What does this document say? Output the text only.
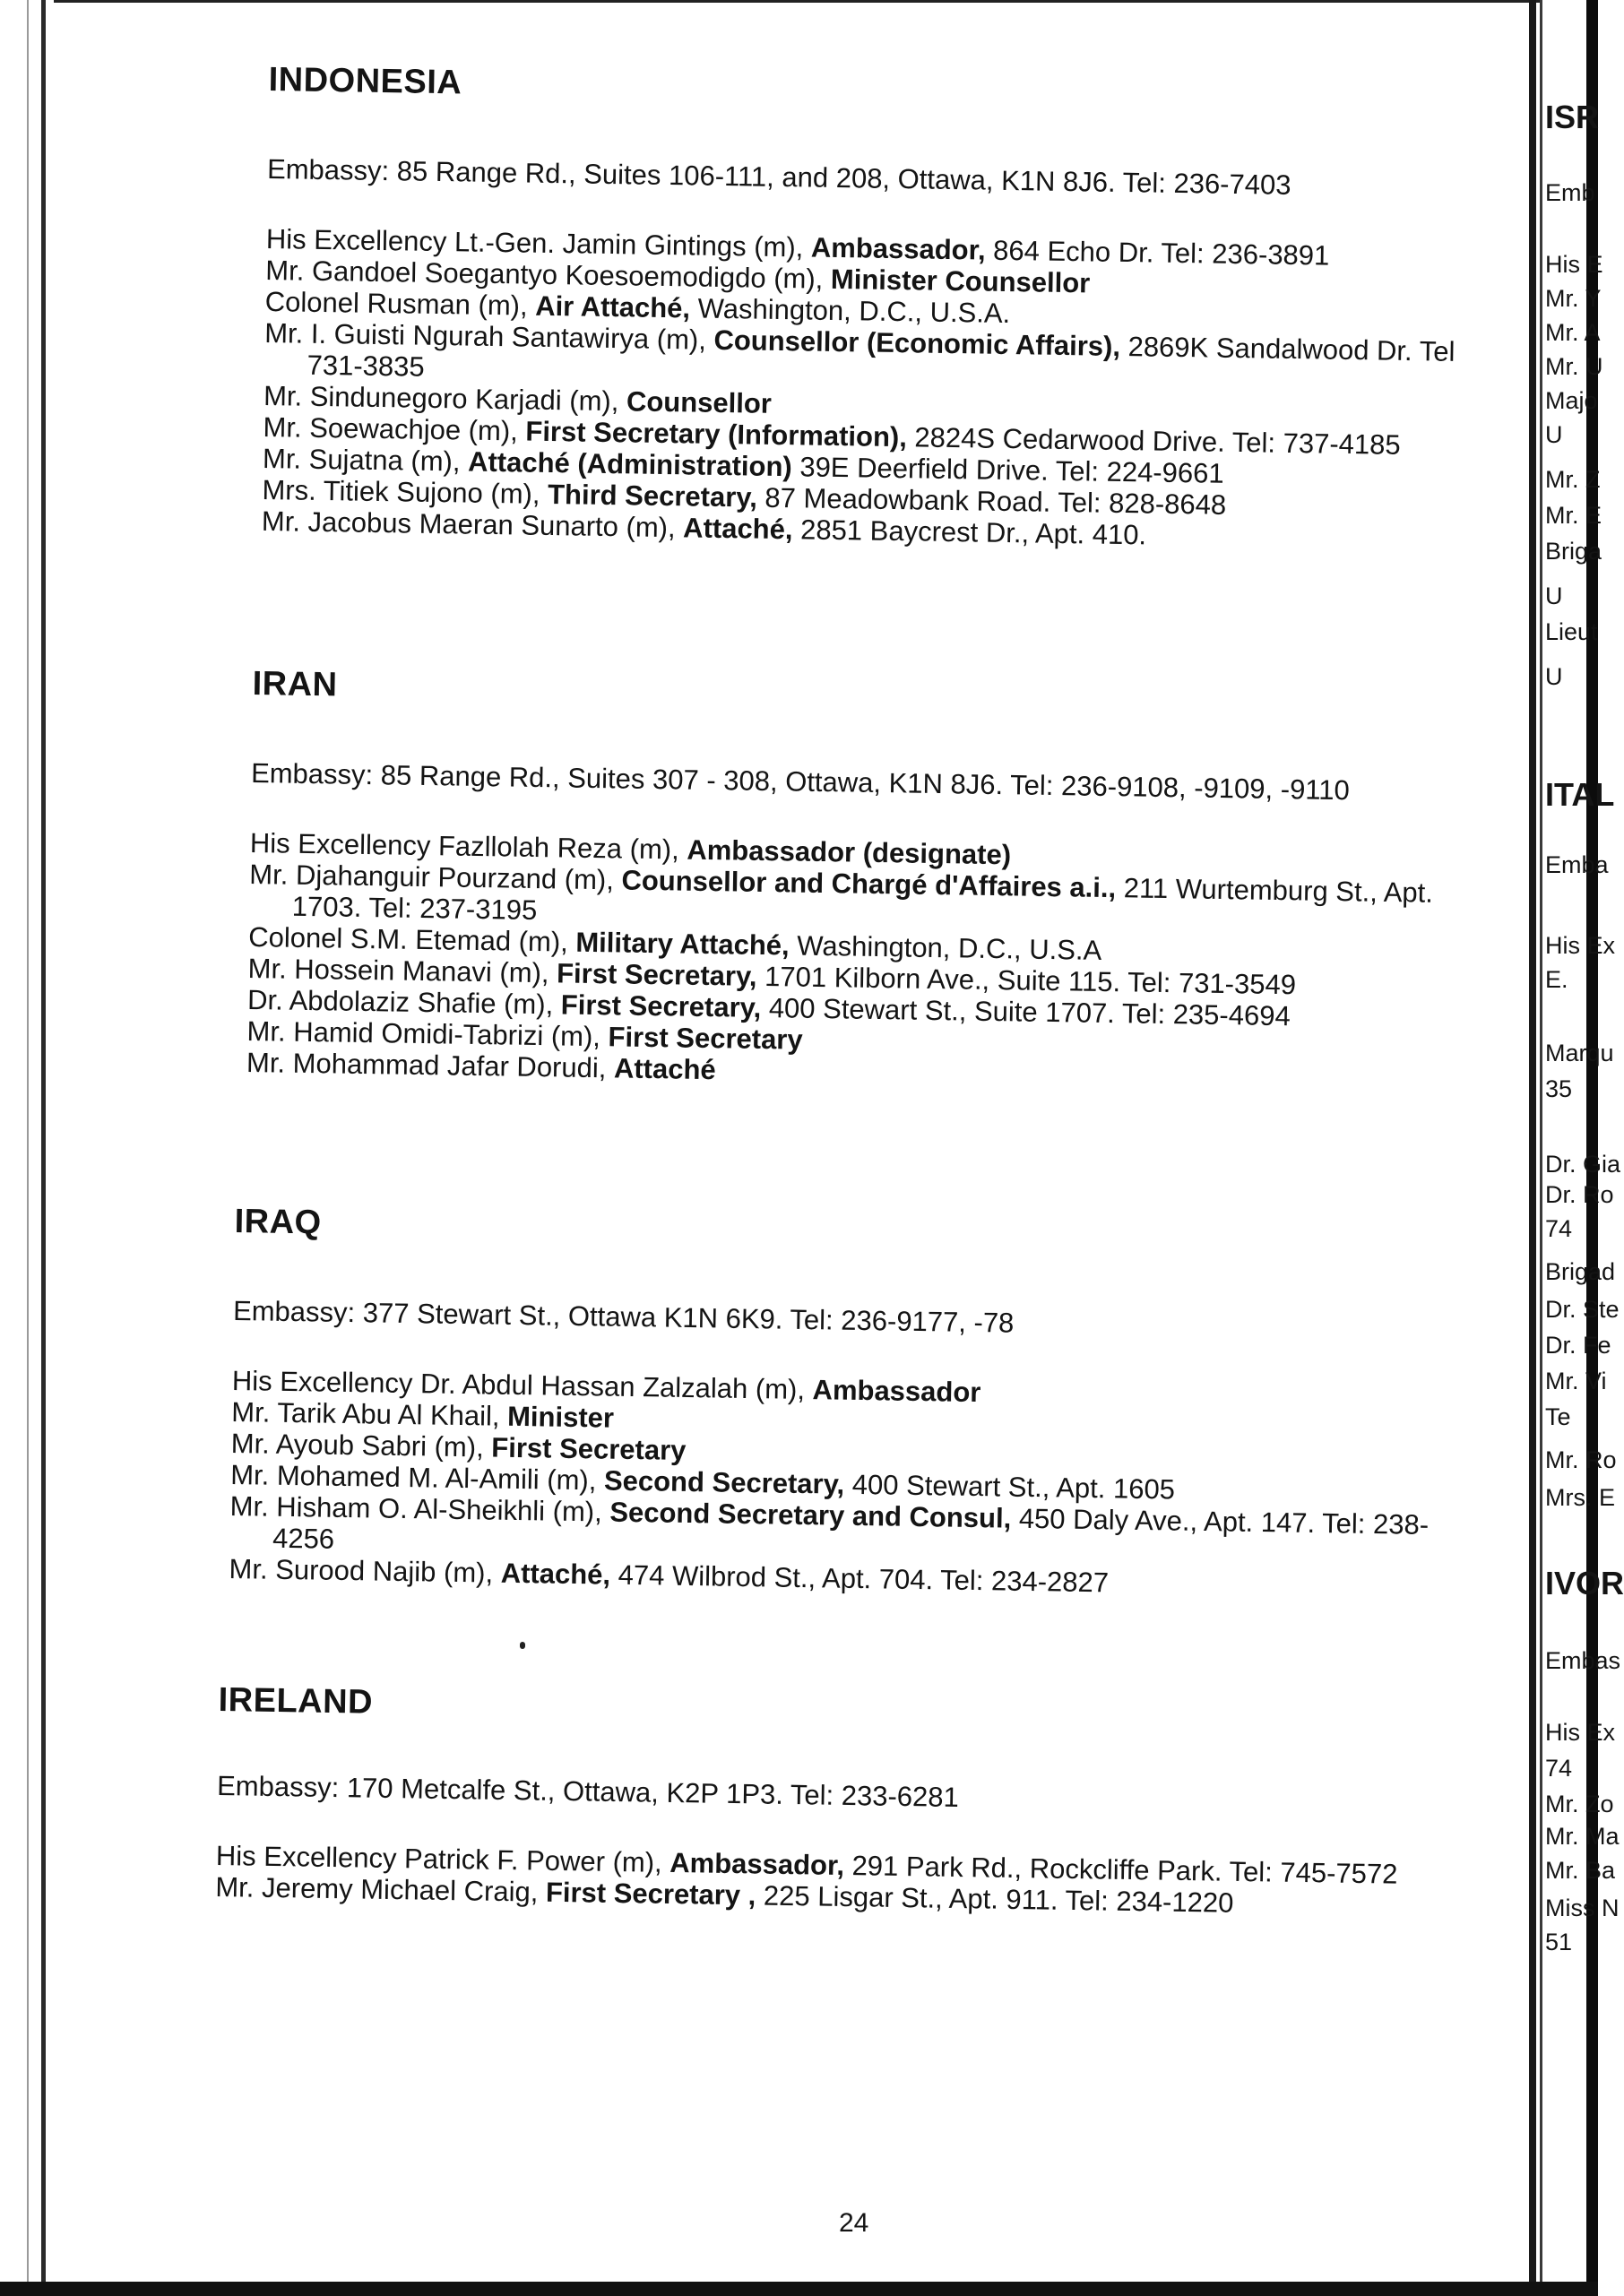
INDONESIA

Embassy: 85 Range Rd., Suites 106-111, and 208, Ottawa, K1N 8J6. Tel: 236-7403

His Excellency Lt.-Gen. Jamin Gintings (m), Ambassador, 864 Echo Dr. Tel: 236-3891

Mr. Gandoel Soegantyo Koesoemodigdo (m), Minister Counsellor

Colonel Rusman (m), Air Attaché, Washington, D.C., U.S.A.

Mr. I. Guisti Ngurah Santawirya (m), Counsellor (Economic Affairs), 2869K Sandalwood Dr. Tel
731-3835

Mr. Sindunegoro Karjadi (m), Counsellor

Mr. Soewachjoe (m), First Secretary (Information), 2824S Cedarwood Drive. Tel: 737-4185

Mr. Sujatna (m), Attaché (Administration) 39E Deerfield Drive. Tel: 224-9661

Mrs. Titiek Sujono (m), Third Secretary, 87 Meadowbank Road. Tel: 828-8648

Mr. Jacobus Maeran Sunarto (m), Attaché, 2851 Baycrest Dr., Apt. 410.

IRAN

Embassy: 85 Range Rd., Suites 307 - 308, Ottawa, K1N 8J6. Tel: 236-9108, -9109, -9110

His Excellency Fazllolah Reza (m), Ambassador (designate)

Mr. Djahanguir Pourzand (m), Counsellor and Chargé d'Affaires a.i., 211 Wurtemburg St., Apt.
1703. Tel: 237-3195

Colonel S.M. Etemad (m), Military Attaché, Washington, D.C., U.S.A

Mr. Hossein Manavi (m), First Secretary, 1701 Kilborn Ave., Suite 115. Tel: 731-3549

Dr. Abdolaziz Shafie (m), First Secretary, 400 Stewart St., Suite 1707. Tel: 235-4694

Mr. Hamid Omidi-Tabrizi (m), First Secretary

Mr. Mohammad Jafar Dorudi, Attaché

IRAQ

Embassy: 377 Stewart St., Ottawa K1N 6K9. Tel: 236-9177, -78

His Excellency Dr. Abdul Hassan Zalzalah (m), Ambassador

Mr. Tarik Abu Al Khail, Minister

Mr. Ayoub Sabri (m), First Secretary

Mr. Mohamed M. Al-Amili (m), Second Secretary, 400 Stewart St., Apt. 1605

Mr. Hisham O. Al-Sheikhli (m), Second Secretary and Consul, 450 Daly Ave., Apt. 147. Tel: 238-
4256

Mr. Surood Najib (m), Attaché, 474 Wilbrod St., Apt. 704. Tel: 234-2827

IRELAND

Embassy: 170 Metcalfe St., Ottawa, K2P 1P3. Tel: 233-6281

His Excellency Patrick F. Power (m), Ambassador, 291 Park Rd., Rockcliffe Park. Tel: 745-7572

Mr. Jeremy Michael Craig, First Secretary , 225 Lisgar St., Apt. 911. Tel: 234-1220

24
ISR
Emb
His E
Mr. Y
Mr. A
Mr. U
Majo
U
Mr. Z
Mr. E
Briga
U
Lieut
U
ITAL
Emba
His Ex
E.
Marqu
35
Dr. Gia
Dr. Ro
74
Brigad
Dr. Ste
Dr. Fe
Mr. Vi
Te
Mr. Ro
Mrs. E
IVOR
Embas
His Ex
74
Mr. Zo
Mr. Ma
Mr. Ba
Miss N
51
